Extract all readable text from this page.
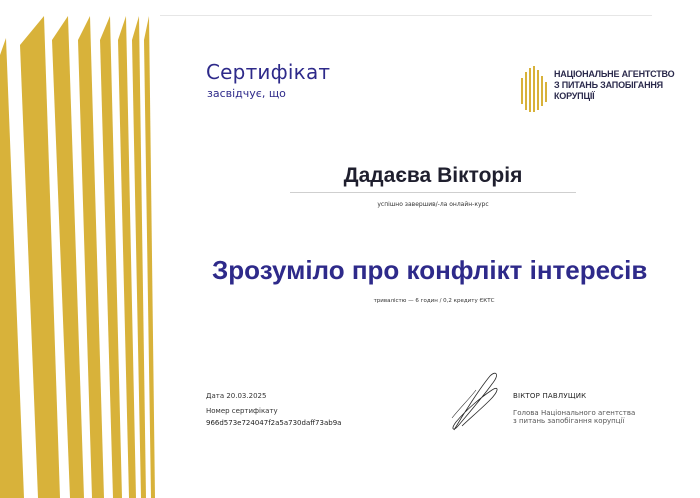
Сертифікат
засвідчує, що
НАЦІОНАЛЬНЕ АГЕНТСТВО
З ПИТАНЬ ЗАПОБІГАННЯ
КОРУПЦІЇ
Дадаєва Вікторія
успішно завершив/-ла онлайн-курс
Зрозуміло про конфлікт інтересів
тривалістю — 6 годин / 0,2 кредиту ЄКТС
Дата 20.03.2025
Номер сертифікату
966d573e724047f2a5a730daff73ab9a
ВІКТОР ПАВЛУЩИК
Голова Національного агентства
з питань запобігання корупції
